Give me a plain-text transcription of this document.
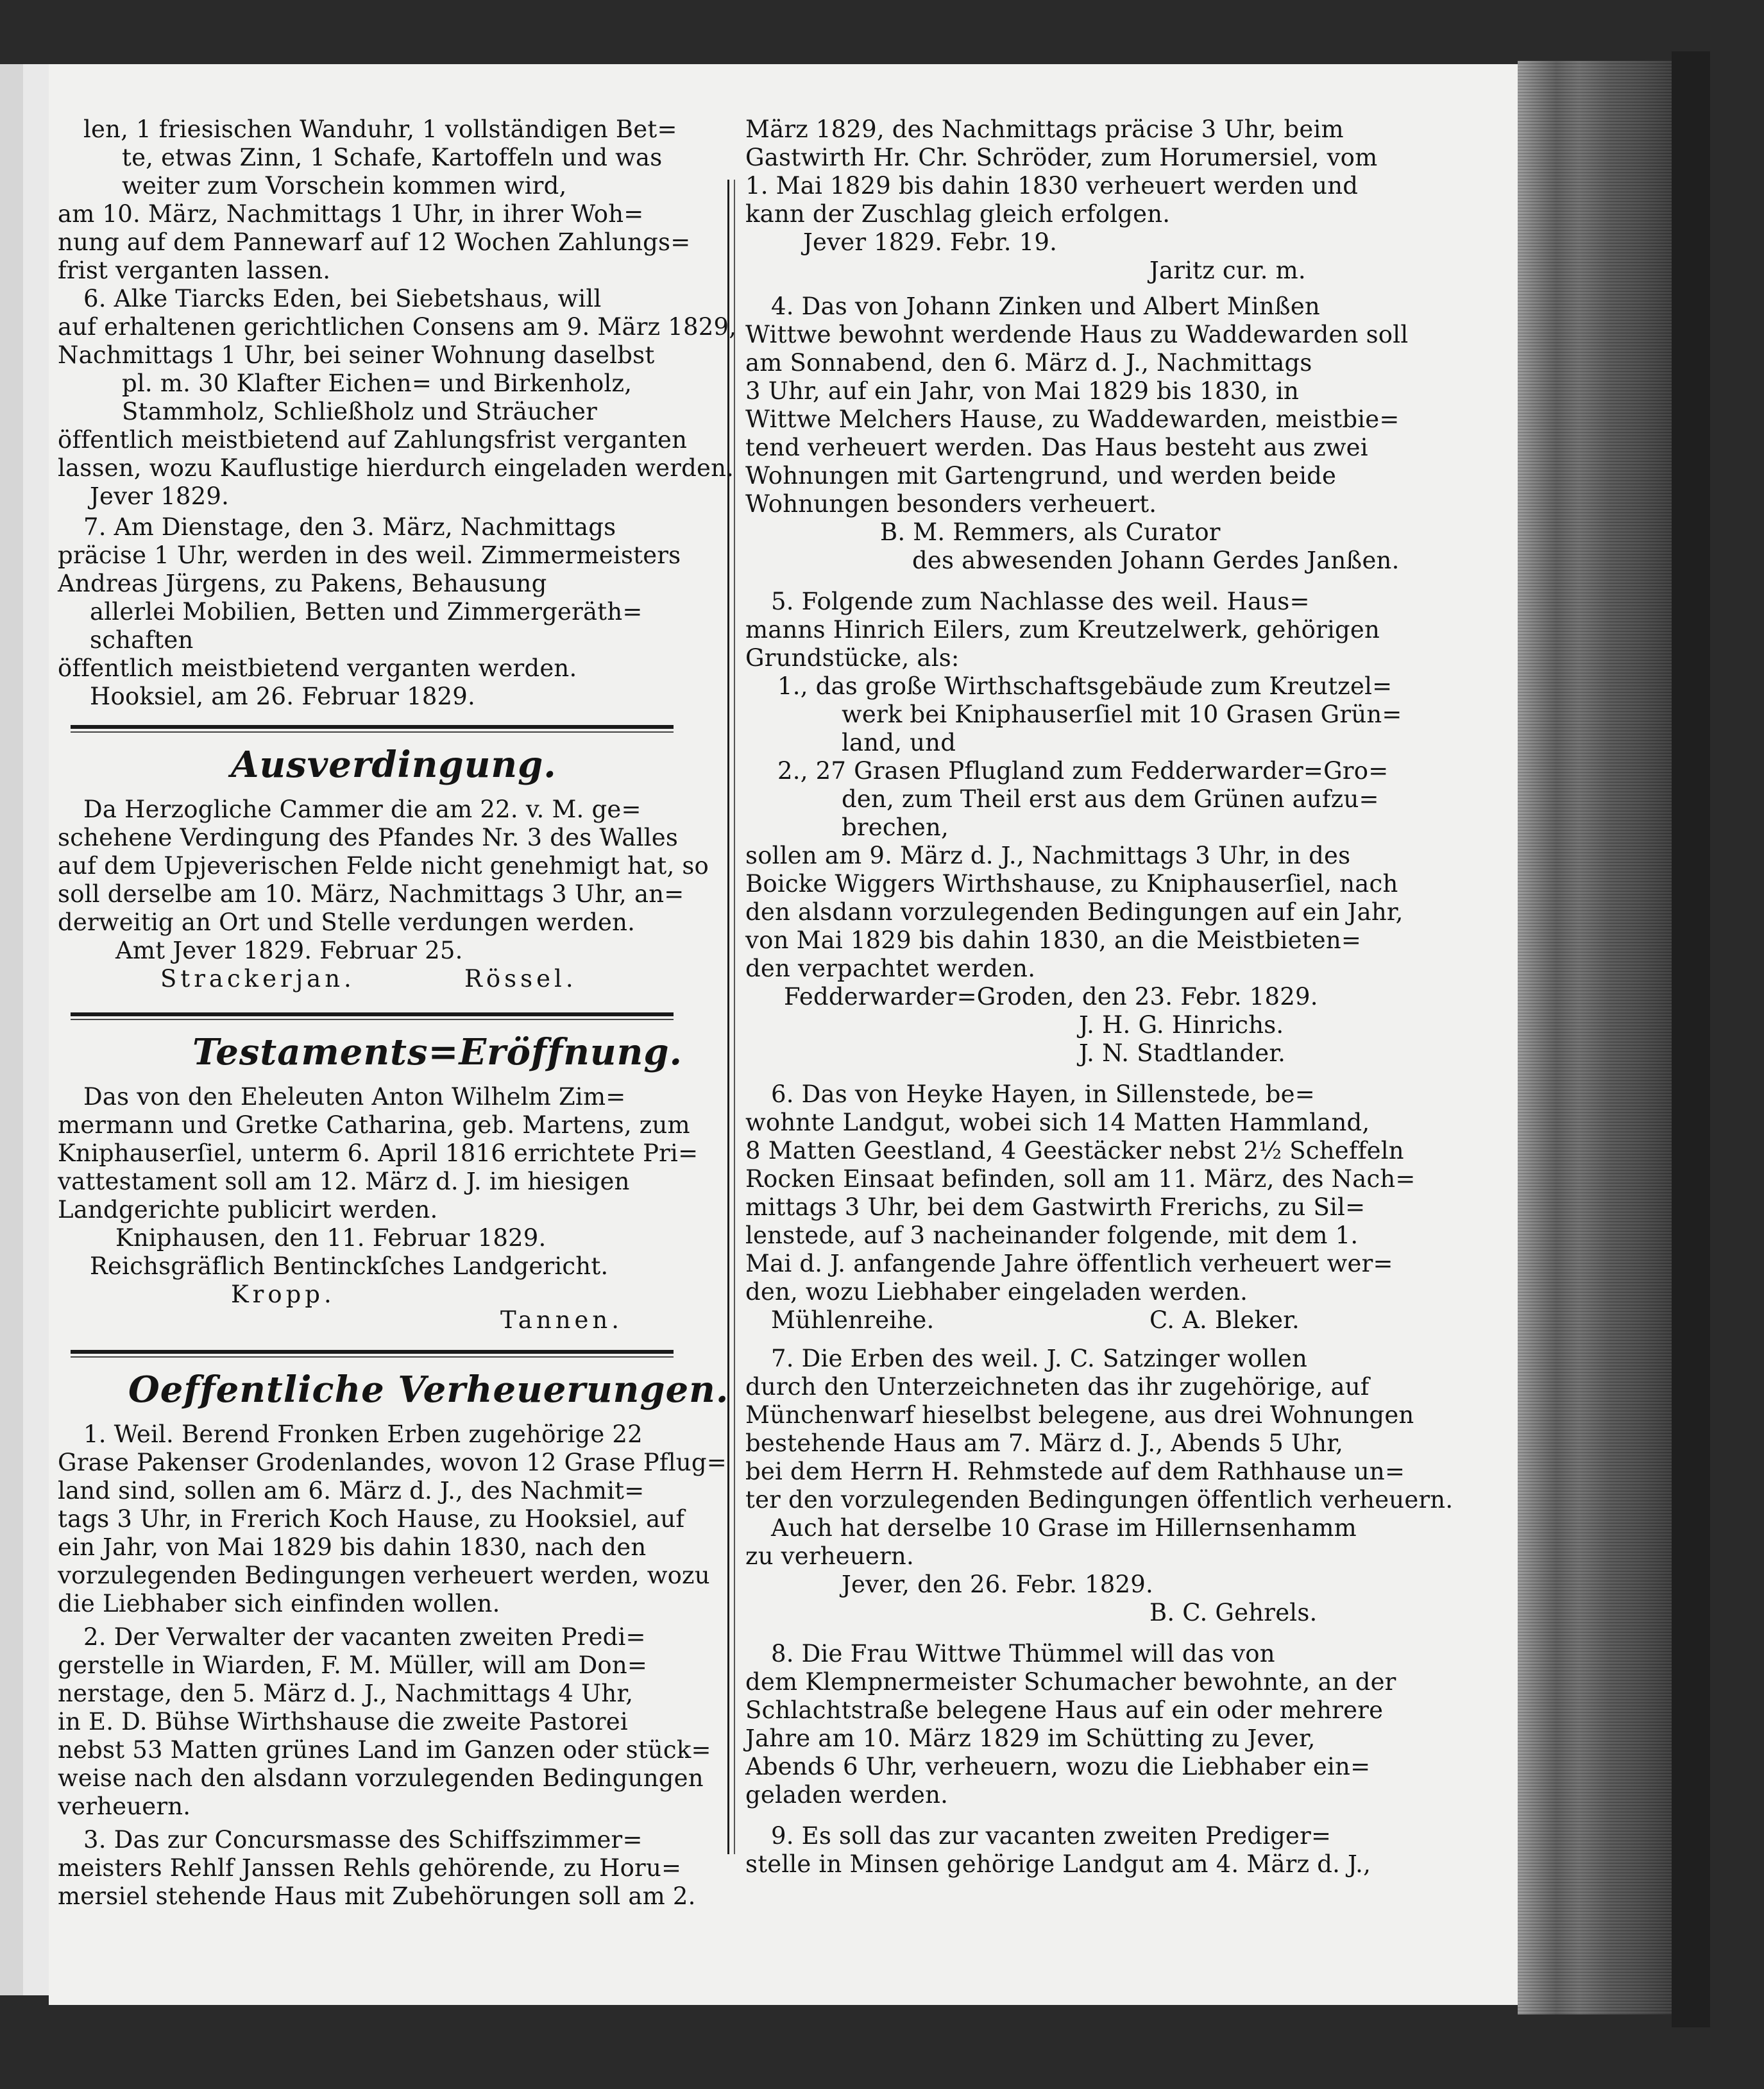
len, 1 friesischen Wanduhr, 1 vollständigen Bet=
te, etwas Zinn, 1 Schafe, Kartoffeln und was
weiter zum Vorschein kommen wird,
am 10. März, Nachmittags 1 Uhr, in ihrer Woh=
nung auf dem Pannewarf auf 12 Wochen Zahlungs=
frist verganten lassen.
6. Alke Tiarcks Eden, bei Siebetshaus, will
auf erhaltenen gerichtlichen Consens am 9. März 1829,
Nachmittags 1 Uhr, bei seiner Wohnung daselbst
pl. m. 30 Klafter Eichen= und Birkenholz,
Stammholz, Schließholz und Sträucher
öffentlich meistbietend auf Zahlungsfrist verganten
lassen, wozu Kauflustige hierdurch eingeladen werden.
Jever 1829.
7. Am Dienstage, den 3. März, Nachmittags
präcise 1 Uhr, werden in des weil. Zimmermeisters
Andreas Jürgens, zu Pakens, Behausung
allerlei Mobilien, Betten und Zimmergeräth=
schaften
öffentlich meistbietend verganten werden.
Hooksiel, am 26. Februar 1829.
Ausverdingung.
Da Herzogliche Cammer die am 22. v. M. ge=
schehene Verdingung des Pfandes Nr. 3 des Walles
auf dem Upjeverischen Felde nicht genehmigt hat, so
soll derselbe am 10. März, Nachmittags 3 Uhr, an=
derweitig an Ort und Stelle verdungen werden.
Amt Jever 1829. Februar 25.
Strackerjan.	Rössel.
Testaments=Eröffnung.
Das von den Eheleuten Anton Wilhelm Zim=
mermann und Gretke Catharina, geb. Martens, zum
Kniphauserſiel, unterm 6. April 1816 errichtete Pri=
vattestament soll am 12. März d. J. im hiesigen
Landgerichte publicirt werden.
Kniphausen, den 11. Februar 1829.
Reichsgräflich Bentinckſches Landgericht.
Kropp.
Tannen.
Oeffentliche Verheuerungen.
1. Weil. Berend Fronken Erben zugehörige 22
Grase Pakenser Grodenlandes, wovon 12 Grase Pflug=
land sind, sollen am 6. März d. J., des Nachmit=
tags 3 Uhr, in Frerich Koch Hause, zu Hooksiel, auf
ein Jahr, von Mai 1829 bis dahin 1830, nach den
vorzulegenden Bedingungen verheuert werden, wozu
die Liebhaber sich einfinden wollen.
2. Der Verwalter der vacanten zweiten Predi=
gerstelle in Wiarden, F. M. Müller, will am Don=
nerstage, den 5. März d. J., Nachmittags 4 Uhr,
in E. D. Bühse Wirthshause die zweite Pastorei
nebst 53 Matten grünes Land im Ganzen oder stück=
weise nach den alsdann vorzulegenden Bedingungen
verheuern.
3. Das zur Concursmasse des Schiffszimmer=
meisters Rehlf Janssen Rehls gehörende, zu Horu=
mersiel stehende Haus mit Zubehörungen soll am 2.
März 1829, des Nachmittags präcise 3 Uhr, beim
Gastwirth Hr. Chr. Schröder, zum Horumersiel, vom
1. Mai 1829 bis dahin 1830 verheuert werden und
kann der Zuschlag gleich erfolgen.
Jever 1829. Febr. 19.
Jaritz cur. m.
4. Das von Johann Zinken und Albert Minßen
Wittwe bewohnt werdende Haus zu Waddewarden soll
am Sonnabend, den 6. März d. J., Nachmittags
3 Uhr, auf ein Jahr, von Mai 1829 bis 1830, in
Wittwe Melchers Hause, zu Waddewarden, meistbie=
tend verheuert werden. Das Haus besteht aus zwei
Wohnungen mit Gartengrund, und werden beide
Wohnungen besonders verheuert.
B. M. Remmers, als Curator
des abwesenden Johann Gerdes Janßen.
5. Folgende zum Nachlasse des weil. Haus=
manns Hinrich Eilers, zum Kreutzelwerk, gehörigen
Grundstücke, als:
1., das große Wirthschaftsgebäude zum Kreutzel=
werk bei Kniphauserſiel mit 10 Grasen Grün=
land, und
2., 27 Grasen Pflugland zum Fedderwarder=Gro=
den, zum Theil erst aus dem Grünen aufzu=
brechen,
sollen am 9. März d. J., Nachmittags 3 Uhr, in des
Boicke Wiggers Wirthshause, zu Kniphauserſiel, nach
den alsdann vorzulegenden Bedingungen auf ein Jahr,
von Mai 1829 bis dahin 1830, an die Meistbieten=
den verpachtet werden.
Fedderwarder=Groden, den 23. Febr. 1829.
J. H. G. Hinrichs.
J. N. Stadtlander.
6. Das von Heyke Hayen, in Sillenstede, be=
wohnte Landgut, wobei sich 14 Matten Hammland,
8 Matten Geestland, 4 Geestäcker nebst 2½ Scheffeln
Rocken Einsaat befinden, soll am 11. März, des Nach=
mittags 3 Uhr, bei dem Gastwirth Frerichs, zu Sil=
lenstede, auf 3 nacheinander folgende, mit dem 1.
Mai d. J. anfangende Jahre öffentlich verheuert wer=
den, wozu Liebhaber eingeladen werden.
Mühlenreihe.	C. A. Bleker.
7. Die Erben des weil. J. C. Satzinger wollen
durch den Unterzeichneten das ihr zugehörige, auf
Münchenwarf hieselbst belegene, aus drei Wohnungen
bestehende Haus am 7. März d. J., Abends 5 Uhr,
bei dem Herrn H. Rehmstede auf dem Rathhause un=
ter den vorzulegenden Bedingungen öffentlich verheuern.
Auch hat derselbe 10 Grase im Hillernsenhamm
zu verheuern.
Jever, den 26. Febr. 1829.
B. C. Gehrels.
8. Die Frau Wittwe Thümmel will das von
dem Klempnermeister Schumacher bewohnte, an der
Schlachtstraße belegene Haus auf ein oder mehrere
Jahre am 10. März 1829 im Schütting zu Jever,
Abends 6 Uhr, verheuern, wozu die Liebhaber ein=
geladen werden.
9. Es soll das zur vacanten zweiten Prediger=
stelle in Minsen gehörige Landgut am 4. März d. J.,
